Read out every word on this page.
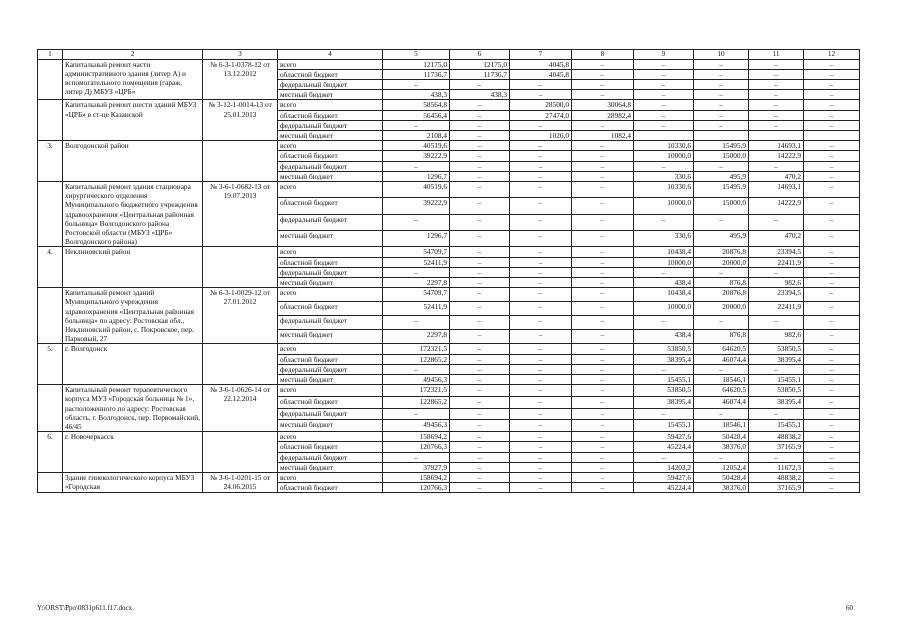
1	2	3	4	5	6	7	8	9	10	11	12
	Капитальный ремонт части административного здания (литер А) и вспомогательного помещения (гараж, литер Д) МБУЗ «ЦРБ»	№ 6-3-1-0378-12 от 13.12.2012	всего	12175,0	12175,0	4045,8	–	–	–	–	–
			областной бюджет	11736,7	11736,7	4045,8	–	–	–	–	–
			федеральный бюджет	–	–	–	–	–	–	–	–
			местный бюджет	438,3	438,3	–	–	–	–	–	–
	Капитальный ремонт шести зданий МБУЗ «ЦРБ» в ст-це Казанской	№ 3-12-1-0014-13 от 25.01.2013	всего	58564,8	–	28500,0	30064,8	–	–	–	–
			областной бюджет	56456,4	–	27474,0	28982,4	–	–	–	–
			федеральный бюджет	–	–	–	–	–	–	–	–
			местный бюджет	2108,4	–	1026,0	1082,4				
3.	Волгодонской район		всего	40519,6	–	–	–	10330,6	15495,9	14693,1	–
			областной бюджет	39222,9	–	–	–	10000,0	15000,0	14222,9	–
			федеральный бюджет	–	–	–	–	–	–	–	–
			местный бюджет	1296,7	–	–	–	330,6	495,9	470,2	–
	Капитальный ремонт здания стационара хирургического отделения Муниципального бюджетного учреждения здравоохранения «Центральная районная больница» Волгодонского района Ростовской области (МБУЗ «ЦРБ» Волгодонского района)	№ 3-6-1-0682-13 от 19.07.2013	всего	40519,6	–	–	–	10330,6	15495,9	14693,1	–
			областной бюджет	39222,9	–	–	–	10000,0	15000,0	14222,9	–
			федеральный бюджет	–	–	–	–	–	–	–	–
			местный бюджет	1296,7	–	–	–	330,6	495,9	470,2	–
4.	Неклиновский район		всего	54709,7	–	–	–	10438,4	20876,8	23394,5	–
			областной бюджет	52411,9	–	–	–	10000,0	20000,0	22411,9	–
			федеральный бюджет	–	–	–	–	–	–	–	–
			местный бюджет	2297,8	–	–	–	438,4	876,8	982,6	–
	Капитальный ремонт зданий Муниципального учреждения здравоохранения «Центральная районная больница» по адресу: Ростовская обл., Неклиновский район, с. Покровское, пер. Парковый, 27	№ 6-3-1-0029-12 от 27.01.2012	всего	54709,7	–	–	–	10438,4	20876,8	23394,5	–
			областной бюджет	52411,9	–	–	–	10000,0	20000,0	22411,9	–
			федеральный бюджет	–	–	–	–	–	–	–	–
			местный бюджет	2297,8	–	–	–	438,4	876,8	982,6	–
5.	г. Волгодонск		всего	172321,5	–	–	–	53850,5	64620,5	53850,5	–
			областной бюджет	122865,2	–	–	–	38395,4	46074,4	38395,4	–
			федеральный бюджет	–	–	–	–	–	–	–	–
			местный бюджет	49456,3	–	–	–	15455,1	18546,1	15455,1	–
	Капитальный ремонт терапевтического корпуса МУЗ «Городская больница № 1», расположенного по адресу: Ростовская область, г. Волгодонск, пер. Первомайский, 46/45	№ 3-6-1-0626-14 от 22.12.2014	всего	172321,5	–	–	–	53850,5	64620,5	53850,5	–
			областной бюджет	122865,2	–	–	–	38395,4	46074,4	38395,4	–
			федеральный бюджет	–	–	–	–	–	–	–	–
			местный бюджет	49456,3	–	–	–	15455,1	18546,1	15455,1	–
6.	г. Новочеркасск		всего	158694,2	–	–	–	59427,6	50428,4	48838,2	–
			областной бюджет	120766,3	–	–	–	45224,4	38376,0	37165,9	–
			федеральный бюджет	–	–	–	–	–	–	–	–
			местный бюджет	37927,9	–	–	–	14203,2	12052,4	11672,3	–
	Здание гинекологического корпуса МБУЗ «Городская	№ 3-6-1-0201-15 от 24.06.2015	всего	158694,2	–	–	–	59427,6	50428,4	48838,2	–
			областной бюджет	120766,3	–	–	–	45224,4	38376,0	37165,9	–
Y:\ORST\Ppo\0831p611.f17.docx	60
